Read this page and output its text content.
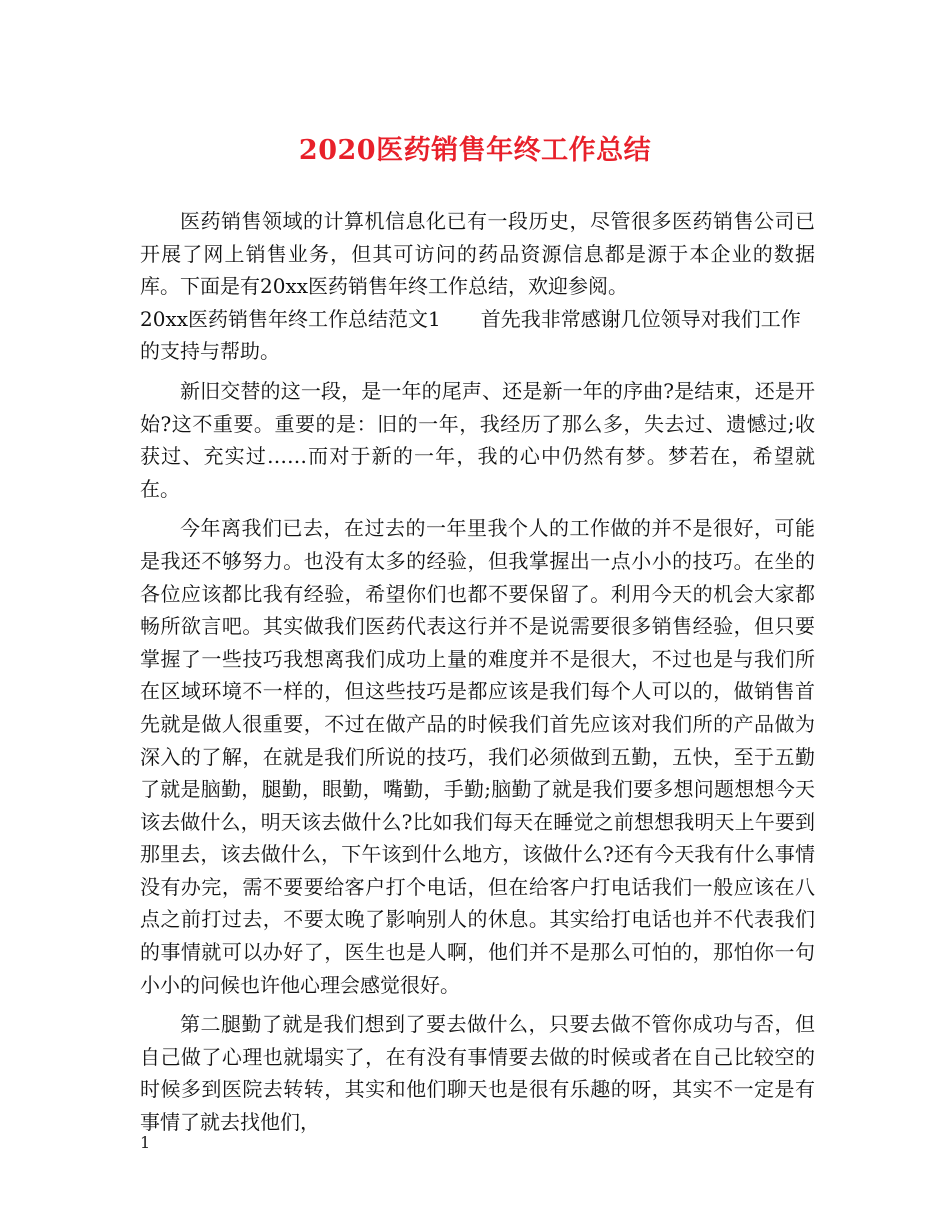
2020医药销售年终工作总结

医药销售领域的计算机信息化已有一段历史，尽管很多医药销售公司已开展了网上销售业务，但其可访问的药品资源信息都是源于本企业的数据库。下面是有20xx医药销售年终工作总结，欢迎参阅。

20xx医药销售年终工作总结范文1　　首先我非常感谢几位领导对我们工作的支持与帮助。

新旧交替的这一段，是一年的尾声、还是新一年的序曲?是结束，还是开始?这不重要。重要的是：旧的一年，我经历了那么多，失去过、遗憾过;收获过、充实过……而对于新的一年，我的心中仍然有梦。梦若在，希望就在。

今年离我们已去，在过去的一年里我个人的工作做的并不是很好，可能是我还不够努力。也没有太多的经验，但我掌握出一点小小的技巧。在坐的各位应该都比我有经验，希望你们也都不要保留了。利用今天的机会大家都畅所欲言吧。其实做我们医药代表这行并不是说需要很多销售经验，但只要掌握了一些技巧我想离我们成功上量的难度并不是很大，不过也是与我们所在区域环境不一样的，但这些技巧是都应该是我们每个人可以的，做销售首先就是做人很重要，不过在做产品的时候我们首先应该对我们所的产品做为深入的了解，在就是我们所说的技巧，我们必须做到五勤，五快，至于五勤了就是脑勤，腿勤，眼勤，嘴勤，手勤;脑勤了就是我们要多想问题想想今天该去做什么，明天该去做什么?比如我们每天在睡觉之前想想我明天上午要到那里去，该去做什么，下午该到什么地方，该做什么?还有今天我有什么事情没有办完，需不要要给客户打个电话，但在给客户打电话我们一般应该在八点之前打过去，不要太晚了影响别人的休息。其实给打电话也并不代表我们的事情就可以办好了，医生也是人啊，他们并不是那么可怕的，那怕你一句小小的问候也许他心理会感觉很好。

第二腿勤了就是我们想到了要去做什么，只要去做不管你成功与否，但自己做了心理也就塌实了，在有没有事情要去做的时候或者在自己比较空的时候多到医院去转转，其实和他们聊天也是很有乐趣的呀，其实不一定是有事情了就去找他们，

1
